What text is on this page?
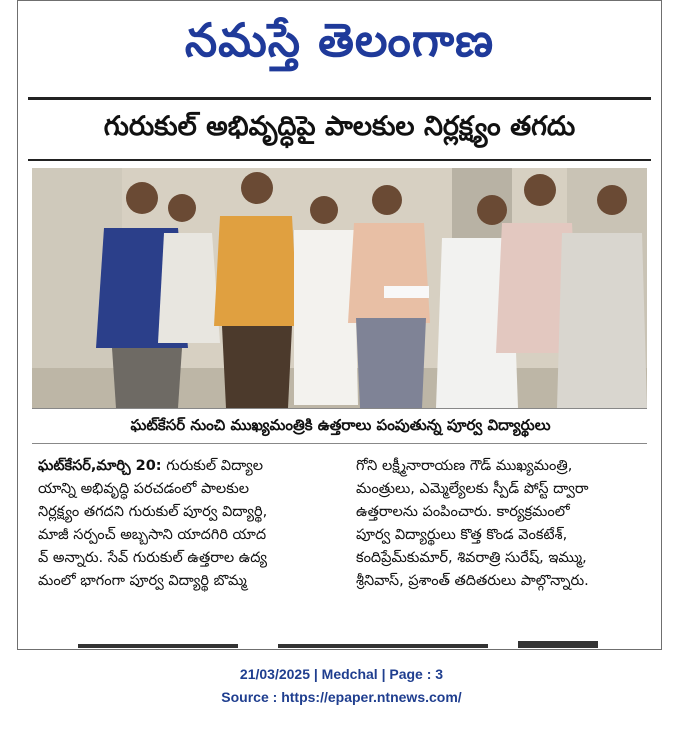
నమస్తే తెలంగాణ
గురుకుల్ అభివృద్ధిపై పాలకుల నిర్లక్ష్యం తగదు
ఘట్‌కేసర్ నుంచి ముఖ్యమంత్రికి ఉత్తరాలు పంపుతున్న పూర్వ విద్యార్థులు

ఘట్‌కేసర్,మార్చి 20: గురుకుల్ విద్యాల

యాన్ని అభివృద్ధి పరచడంలో పాలకుల

నిర్లక్ష్యం తగదని గురుకుల్ పూర్వ విద్యార్థి,

మాజీ సర్పంచ్ అబ్బసాని యాదగిరి యాద

వ్ అన్నారు. సేవ్ గురుకుల్ ఉత్తరాల ఉద్య

మంలో భాగంగా పూర్వ విద్యార్థి బొమ్మ

గోని లక్ష్మీనారాయణ గౌడ్ ముఖ్యమంత్రి,

మంత్రులు, ఎమ్మెల్యేలకు స్పీడ్ పోస్ట్ ద్వారా

ఉత్తరాలను పంపించారు. కార్యక్రమంలో

పూర్వ విద్యార్థులు కొత్త కొండ వెంకటేశ్,

కందిప్రేమ్‌కుమార్, శివరాత్రి సురేష్, ఇమ్ము,

శ్రీనివాస్, ప్రశాంత్ తదితరులు పాల్గొన్నారు.

21/03/2025 | Medchal | Page : 3
Source : https://epaper.ntnews.com/
